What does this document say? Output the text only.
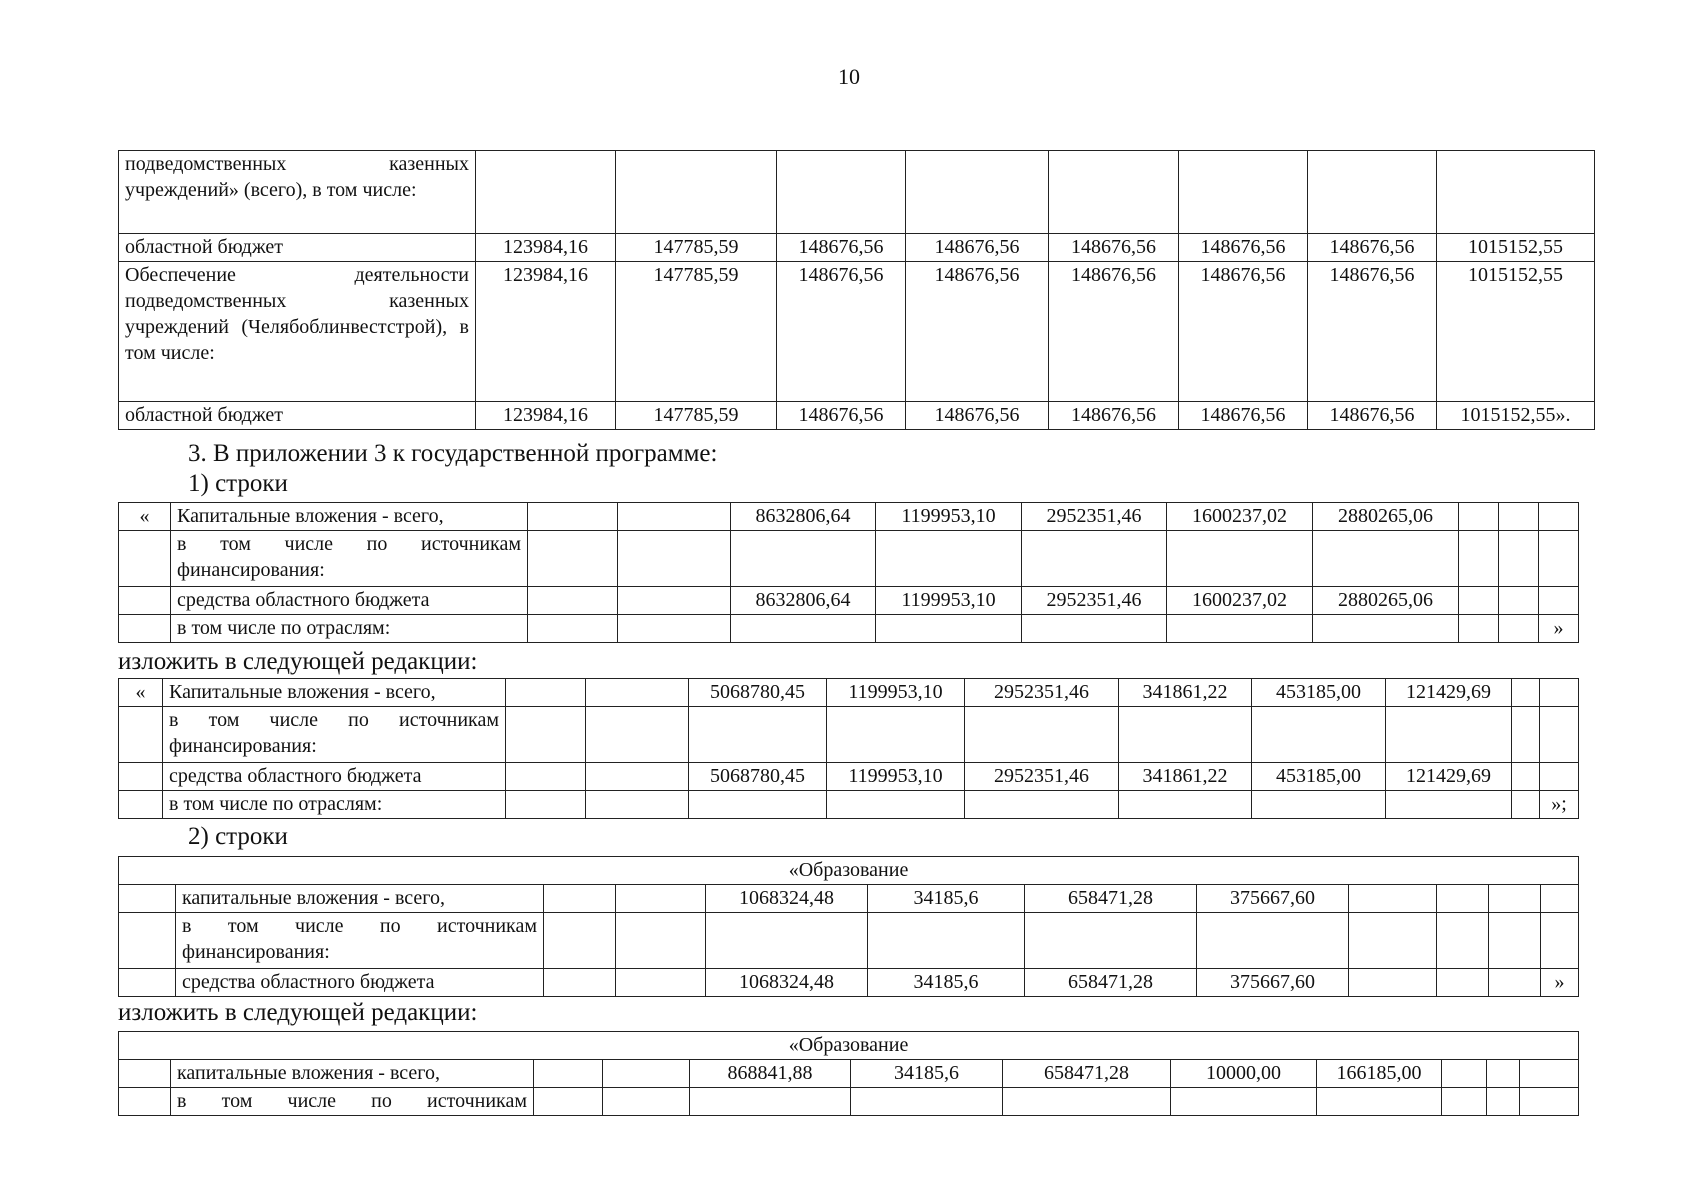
10
подведомственных казенных учреждений» (всего), в том числе:								
областной бюджет	123984,16	147785,59	148676,56	148676,56	148676,56	148676,56	148676,56	1015152,55
Обеспечение деятельности подведомственных казенных учреждений (Челябоблинвестстрой), в том числе:	123984,16	147785,59	148676,56	148676,56	148676,56	148676,56	148676,56	1015152,55
областной бюджет	123984,16	147785,59	148676,56	148676,56	148676,56	148676,56	148676,56	1015152,55».
3. В приложении 3 к государственной программе:
1) строки
«	Капитальные вложения - всего,			8632806,64	1199953,10	2952351,46	1600237,02	2880265,06			
	в том числе по источникам финансирования:										
	средства областного бюджета			8632806,64	1199953,10	2952351,46	1600237,02	2880265,06			
	в том числе по отраслям:										»
изложить в следующей редакции:
«	Капитальные вложения - всего,			5068780,45	1199953,10	2952351,46	341861,22	453185,00	121429,69		
	в том числе по источникам финансирования:										
	средства областного бюджета			5068780,45	1199953,10	2952351,46	341861,22	453185,00	121429,69		
	в том числе по отраслям:										»;
2) строки
«Образование											
	капитальные вложения - всего,			1068324,48	34185,6	658471,28	375667,60				
	в том числе по источникам финансирования:										
	средства областного бюджета			1068324,48	34185,6	658471,28	375667,60				»
изложить в следующей редакции:
«Образование											
	капитальные вложения - всего,			868841,88	34185,6	658471,28	10000,00	166185,00			
	в том числе по источникам										
